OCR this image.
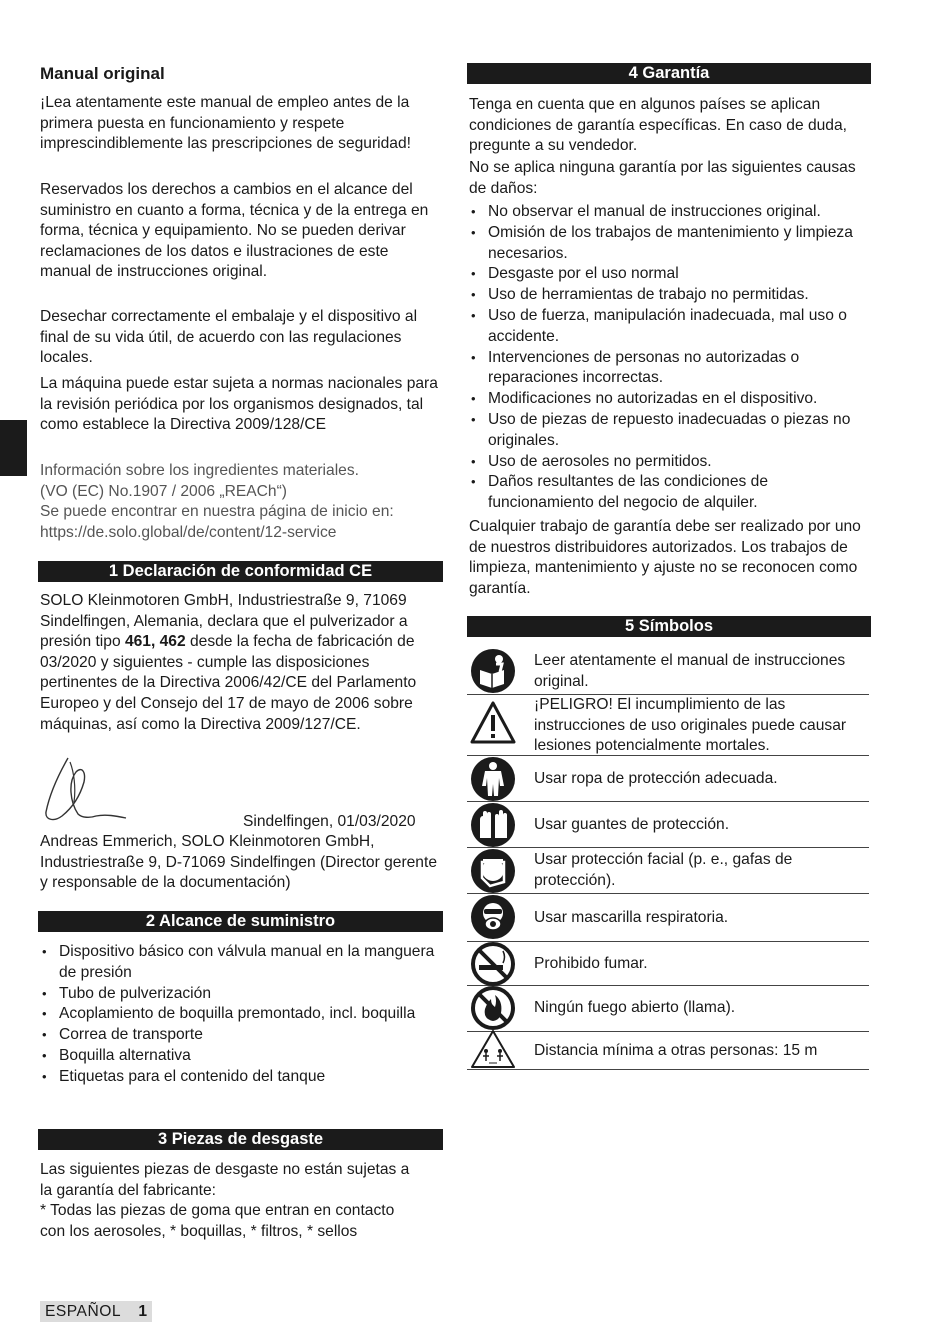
Manual original

¡Lea atentamente este manual de empleo antes de la primera puesta en funcionamiento y respete imprescindiblemente las prescripciones de seguridad!

Reservados los derechos a cambios en el alcance del suministro en cuanto a forma, técnica y de la entrega en forma, técnica y equipamiento. No se pueden derivar reclamaciones de los datos e ilustraciones de este manual de instrucciones original.

Desechar correctamente el embalaje y el dispositivo al final de su vida útil, de acuerdo con las regulaciones locales.

La máquina puede estar sujeta a normas nacionales para la revisión periódica por los organismos designados, tal como establece la Directiva 2009/128/CE

Información sobre los ingredientes materiales.

(VO (EC) No.1907 / 2006 „REACh“)

Se puede encontrar en nuestra página de inicio en:

https://de.solo.global/de/content/12-service

1 Declaración de conformidad CE

SOLO Kleinmotoren GmbH, Industriestraße 9, 71069 Sindelfingen, Alemania, declara que el pulverizador a presión tipo 461, 462 desde la fecha de fabricación de 03/2020 y siguientes - cumple las disposiciones pertinentes de la Directiva 2006/42/CE del Parlamento Europeo y del Consejo del 17 de mayo de 2006 sobre máquinas, así como la Directiva 2009/127/CE.

Sindelfingen, 01/03/2020

Andreas Emmerich, SOLO Kleinmotoren GmbH, Industriestraße 9, D-71069 Sindelfingen (Director gerente y responsable de la documentación)

2 Alcance de suministro
• Dispositivo básico con válvula manual en la manguera de presión
• Tubo de pulverización
• Acoplamiento de boquilla premontado, incl. boquilla
• Correa de transporte
• Boquilla alternativa
• Etiquetas para el contenido del tanque
3 Piezas de desgaste

Las siguientes piezas de desgaste no están sujetas a la garantía del fabricante:

* Todas las piezas de goma que entran en contacto con los aerosoles, * boquillas, * filtros, * sellos

4 Garantía

Tenga en cuenta que en algunos países se aplican condiciones de garantía específicas. En caso de duda, pregunte a su vendedor.

No se aplica ninguna garantía por las siguientes causas de daños:

• No observar el manual de instrucciones original.
• Omisión de los trabajos de mantenimiento y limpieza necesarios.
• Desgaste por el uso normal
• Uso de herramientas de trabajo no permitidas.
• Uso de fuerza, manipulación inadecuada, mal uso o accidente.
• Intervenciones de personas no autorizadas o reparaciones incorrectas.
• Modificaciones no autorizadas en el dispositivo.
• Uso de piezas de repuesto inadecuadas o piezas no originales.
• Uso de aerosoles no permitidos.
• Daños resultantes de las condiciones de funcionamiento del negocio de alquiler.

Cualquier trabajo de garantía debe ser realizado por uno de nuestros distribuidores autorizados. Los trabajos de limpieza, mantenimiento y ajuste no se reconocen como garantía.

5 Símbolos
Leer atentamente el manual de instrucciones original.
¡PELIGRO! El incumplimiento de las instrucciones de uso originales puede causar lesiones potencialmente mortales.
Usar ropa de protección adecuada.
Usar guantes de protección.
Usar protección facial (p. e., gafas de protección).
Usar mascarilla respiratoria.
Prohibido fumar.
Ningún fuego abierto (llama).
Distancia mínima a otras personas: 15 m
ESPAÑOL 1
